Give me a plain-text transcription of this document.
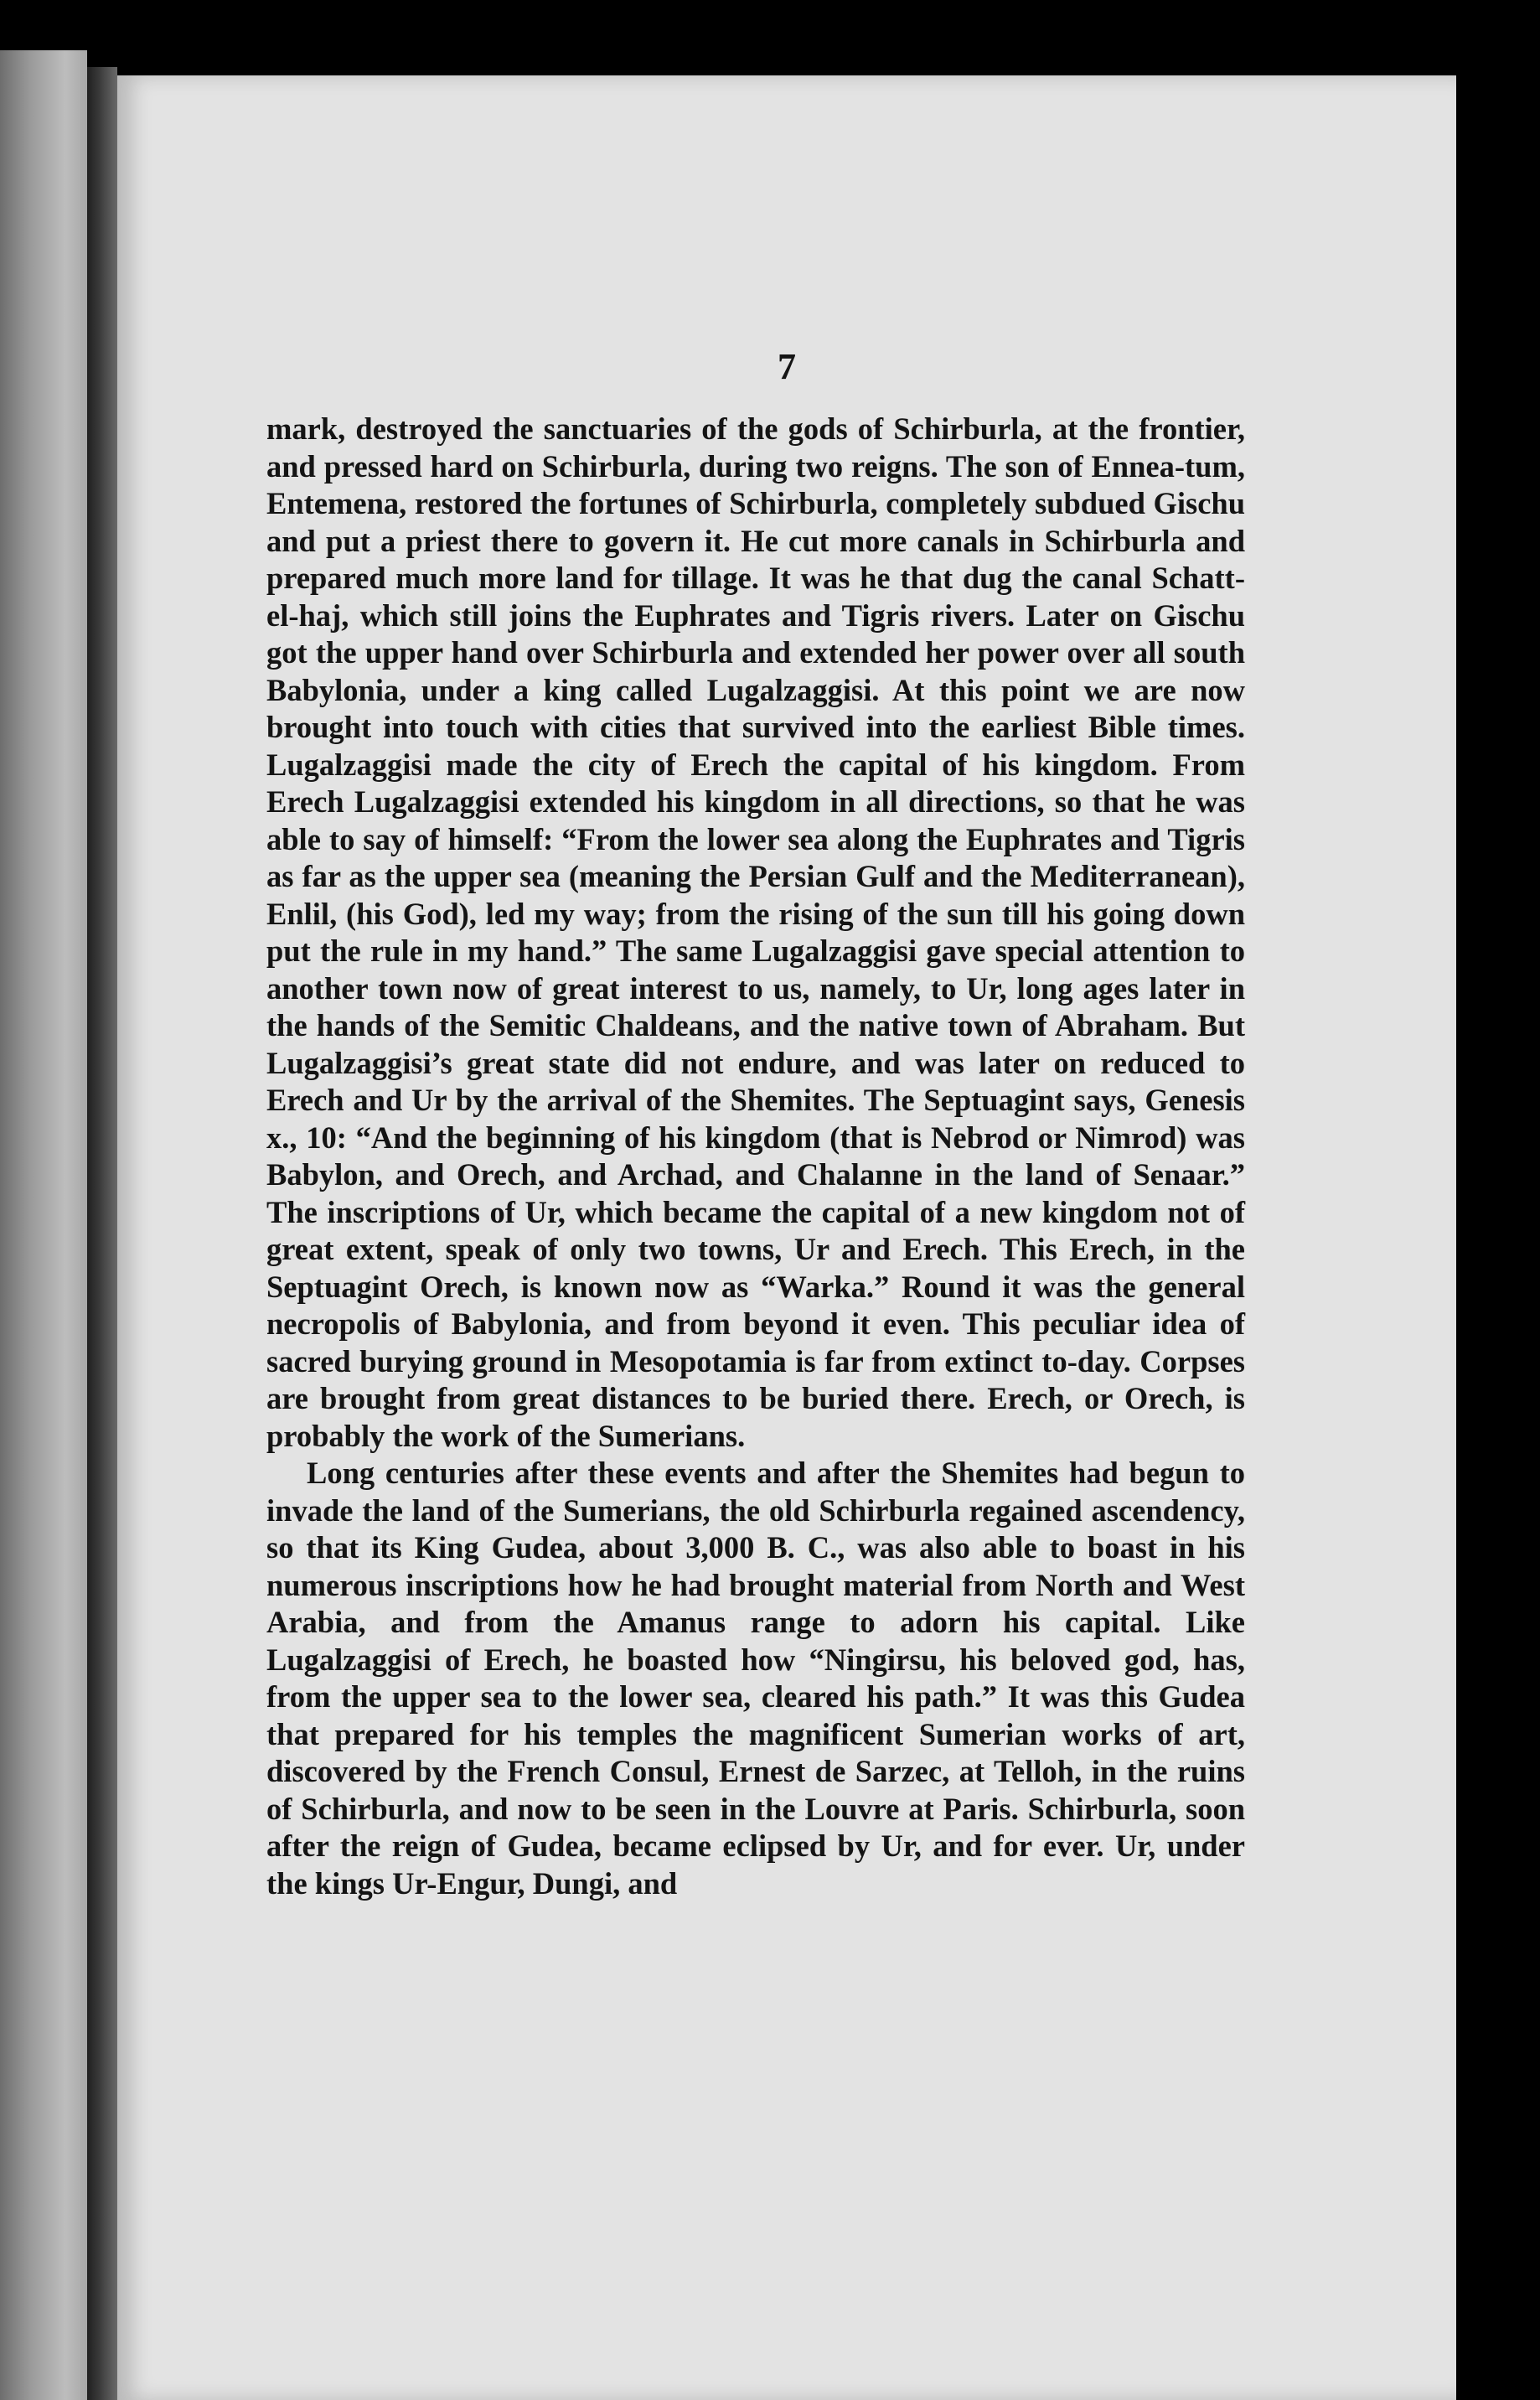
7

mark, destroyed the sanctuaries of the gods of Schirburla, at the frontier, and pressed hard on Schirburla, during two reigns. The son of Ennea-tum, Entemena, restored the fortunes of Schirburla, completely subdued Gischu and put a priest there to govern it. He cut more canals in Schirburla and prepared much more land for tillage. It was he that dug the canal Schatt-el-haj, which still joins the Euphrates and Tigris rivers. Later on Gischu got the upper hand over Schirburla and extended her power over all south Babylonia, under a king called Lugalzaggisi. At this point we are now brought into touch with cities that survived into the earliest Bible times. Lugalzaggisi made the city of Erech the capital of his kingdom. From Erech Lugalzaggisi extended his kingdom in all directions, so that he was able to say of himself: “From the lower sea along the Euphrates and Tigris as far as the upper sea (meaning the Persian Gulf and the Mediterranean), Enlil, (his God), led my way; from the rising of the sun till his going down put the rule in my hand.” The same Lugalzaggisi gave special attention to another town now of great interest to us, namely, to Ur, long ages later in the hands of the Semitic Chaldeans, and the native town of Abraham. But Lugalzaggisi’s great state did not endure, and was later on reduced to Erech and Ur by the arrival of the Shemites. The Septuagint says, Genesis x., 10: “And the beginning of his kingdom (that is Nebrod or Nimrod) was Babylon, and Orech, and Archad, and Chalanne in the land of Senaar.” The inscriptions of Ur, which became the capital of a new kingdom not of great extent, speak of only two towns, Ur and Erech. This Erech, in the Septuagint Orech, is known now as “Warka.” Round it was the general necropolis of Babylonia, and from beyond it even. This peculiar idea of sacred burying ground in Mesopotamia is far from extinct to-day. Corpses are brought from great distances to be buried there. Erech, or Orech, is probably the work of the Sumerians.

Long centuries after these events and after the Shemites had begun to invade the land of the Sumerians, the old Schirburla regained ascendency, so that its King Gudea, about 3,000 B. C., was also able to boast in his numerous inscriptions how he had brought material from North and West Arabia, and from the Amanus range to adorn his capital. Like Lugalzaggisi of Erech, he boasted how “Ningirsu, his beloved god, has, from the upper sea to the lower sea, cleared his path.” It was this Gudea that prepared for his temples the magnificent Sumerian works of art, discovered by the French Consul, Ernest de Sarzec, at Telloh, in the ruins of Schirburla, and now to be seen in the Louvre at Paris. Schirburla, soon after the reign of Gudea, became eclipsed by Ur, and for ever. Ur, under the kings Ur-Engur, Dungi, and
